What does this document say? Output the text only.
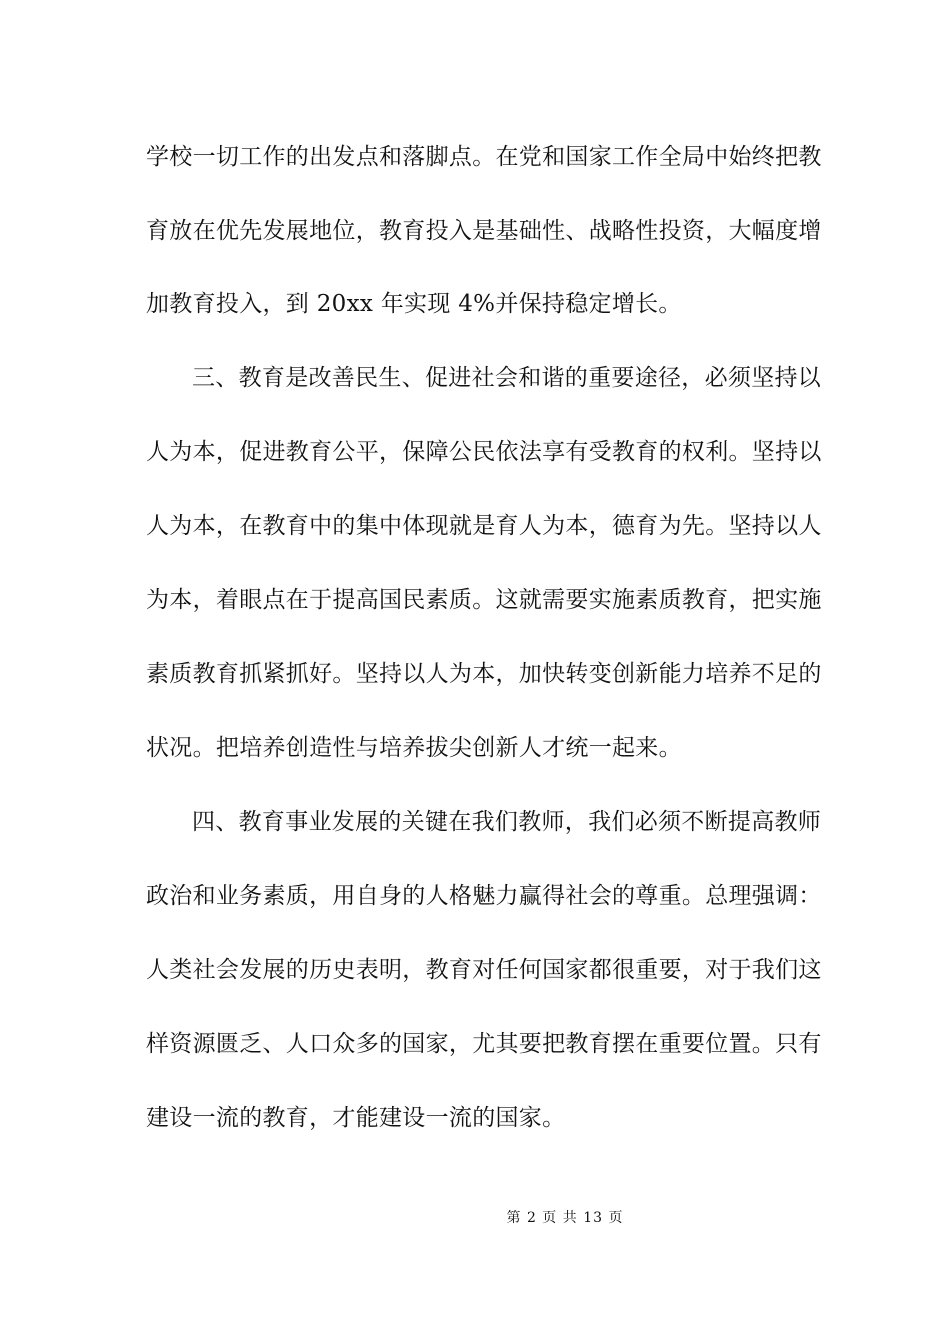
学校一切工作的出发点和落脚点。在党和国家工作全局中始终把教
育放在优先发展地位，教育投入是基础性、战略性投资，大幅度增
加教育投入，到 20xx 年实现 4%并保持稳定增长。
三、教育是改善民生、促进社会和谐的重要途径，必须坚持以
人为本，促进教育公平，保障公民依法享有受教育的权利。坚持以
人为本，在教育中的集中体现就是育人为本，德育为先。坚持以人
为本，着眼点在于提高国民素质。这就需要实施素质教育，把实施
素质教育抓紧抓好。坚持以人为本，加快转变创新能力培养不足的
状况。把培养创造性与培养拔尖创新人才统一起来。
四、教育事业发展的关键在我们教师，我们必须不断提高教师
政治和业务素质，用自身的人格魅力赢得社会的尊重。总理强调：
人类社会发展的历史表明，教育对任何国家都很重要，对于我们这
样资源匮乏、人口众多的国家，尤其要把教育摆在重要位置。只有
建设一流的教育，才能建设一流的国家。
第 2 页 共 13 页
